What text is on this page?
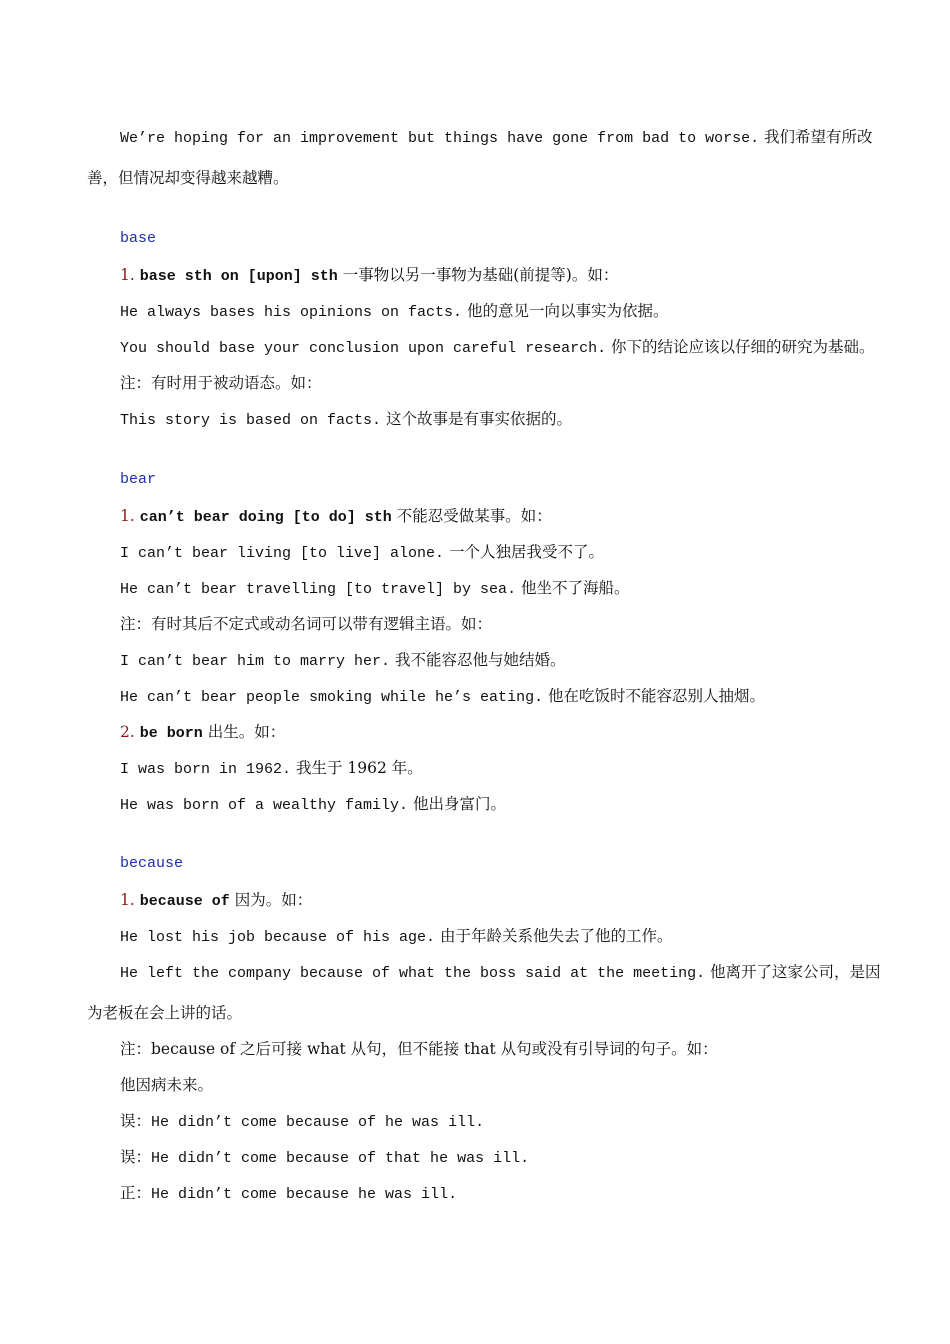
We’re hoping for an improvement but things have gone from bad to worse. 我们希望有所改
善，但情况却变得越来越糟。
base
1. base sth on [upon] sth 一事物以另一事物为基础(前提等)。如：
He always bases his opinions on facts. 他的意见一向以事实为依据。
You should base your conclusion upon careful research. 你下的结论应该以仔细的研究为基础。
注：有时用于被动语态。如：
This story is based on facts. 这个故事是有事实依据的。
bear
1. can’t bear doing [to do] sth 不能忍受做某事。如：
I can’t bear living [to live] alone. 一个人独居我受不了。
He can’t bear travelling [to travel] by sea. 他坐不了海船。
注：有时其后不定式或动名词可以带有逻辑主语。如：
I can’t bear him to marry her. 我不能容忍他与她结婚。
He can’t bear people smoking while he’s eating. 他在吃饭时不能容忍别人抽烟。
2. be born 出生。如：
I was born in 1962. 我生于 1962 年。
He was born of a wealthy family. 他出身富门。
because
1. because of 因为。如：
He lost his job because of his age. 由于年龄关系他失去了他的工作。
He left the company because of what the boss said at the meeting. 他离开了这家公司，是因
为老板在会上讲的话。
注：because of 之后可接 what 从句，但不能接 that 从句或没有引导词的句子。如：
他因病未来。
误：He didn’t come because of he was ill.
误：He didn’t come because of that he was ill.
正：He didn’t come because he was ill.
